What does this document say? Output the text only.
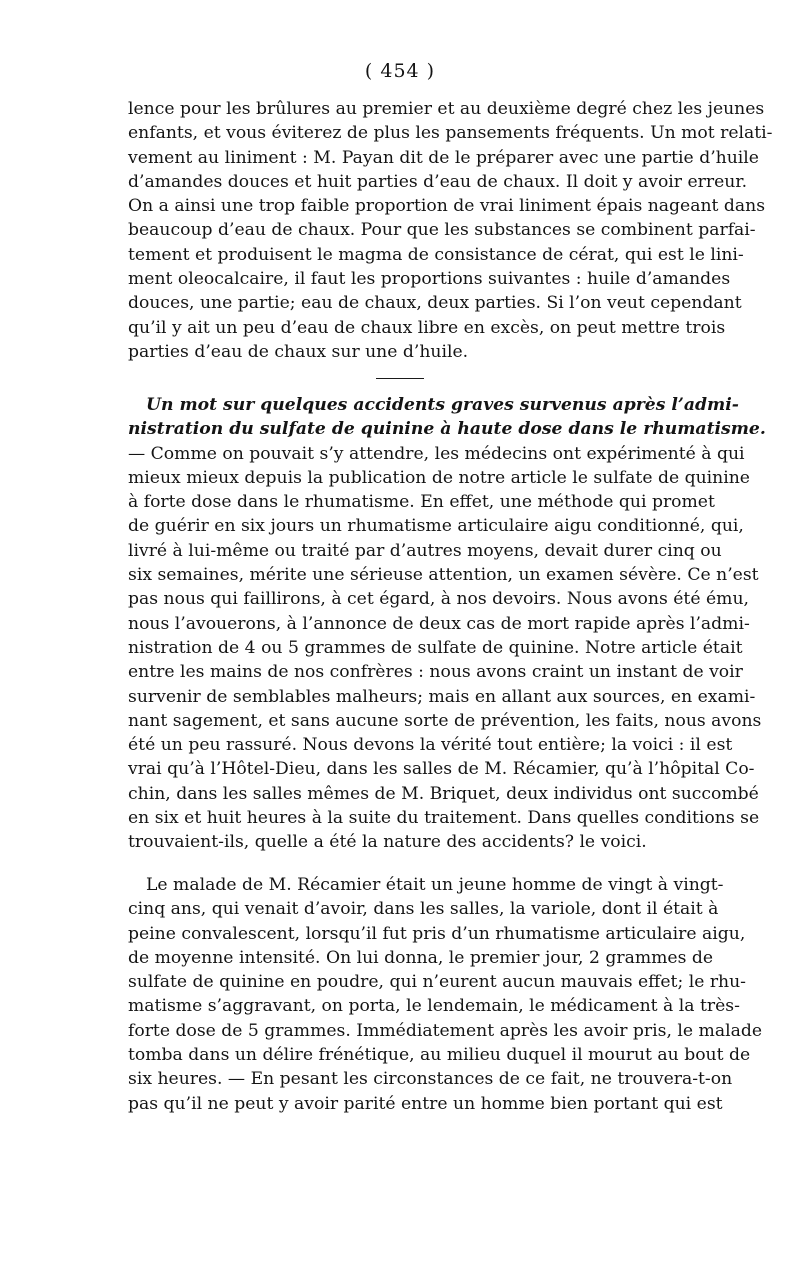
( 454 )
lence pour les brûlures au premier et au deuxième degré chez les jeunes
enfants, et vous éviterez de plus les pansements fréquents. Un mot relati-
vement au liniment : M. Payan dit de le préparer avec une partie d’huile
d’amandes douces et huit parties d’eau de chaux. Il doit y avoir erreur.
On a ainsi une trop faible proportion de vrai liniment épais nageant dans
beaucoup d’eau de chaux. Pour que les substances se combinent parfai-
tement et produisent le magma de consistance de cérat, qui est le lini-
ment oleocalcaire, il faut les proportions suivantes : huile d’amandes
douces, une partie; eau de chaux, deux parties. Si l’on veut cependant
qu’il y ait un peu d’eau de chaux libre en excès, on peut mettre trois
parties d’eau de chaux sur une d’huile.
Un mot sur quelques accidents graves survenus après l’admi-
nistration du sulfate de quinine à haute dose dans le rhumatisme.
— Comme on pouvait s’y attendre, les médecins ont expérimenté à qui
mieux mieux depuis la publication de notre article le sulfate de quinine
à forte dose dans le rhumatisme. En effet, une méthode qui promet
de guérir en six jours un rhumatisme articulaire aigu conditionné, qui,
livré à lui-même ou traité par d’autres moyens, devait durer cinq ou
six semaines, mérite une sérieuse attention, un examen sévère. Ce n’est
pas nous qui faillirons, à cet égard, à nos devoirs. Nous avons été ému,
nous l’avouerons, à l’annonce de deux cas de mort rapide après l’admi-
nistration de 4 ou 5 grammes de sulfate de quinine. Notre article était
entre les mains de nos confrères : nous avons craint un instant de voir
survenir de semblables malheurs; mais en allant aux sources, en exami-
nant sagement, et sans aucune sorte de prévention, les faits, nous avons
été un peu rassuré. Nous devons la vérité tout entière; la voici : il est
vrai qu’à l’Hôtel-Dieu, dans les salles de M. Récamier, qu’à l’hôpital Co-
chin, dans les salles mêmes de M. Briquet, deux individus ont succombé
en six et huit heures à la suite du traitement. Dans quelles conditions se
trouvaient-ils, quelle a été la nature des accidents? le voici.
Le malade de M. Récamier était un jeune homme de vingt à vingt-
cinq ans, qui venait d’avoir, dans les salles, la variole, dont il était à
peine convalescent, lorsqu’il fut pris d’un rhumatisme articulaire aigu,
de moyenne intensité. On lui donna, le premier jour, 2 grammes de
sulfate de quinine en poudre, qui n’eurent aucun mauvais effet; le rhu-
matisme s’aggravant, on porta, le lendemain, le médicament à la très-
forte dose de 5 grammes. Immédiatement après les avoir pris, le malade
tomba dans un délire frénétique, au milieu duquel il mourut au bout de
six heures. — En pesant les circonstances de ce fait, ne trouvera-t-on
pas qu’il ne peut y avoir parité entre un homme bien portant qui est
